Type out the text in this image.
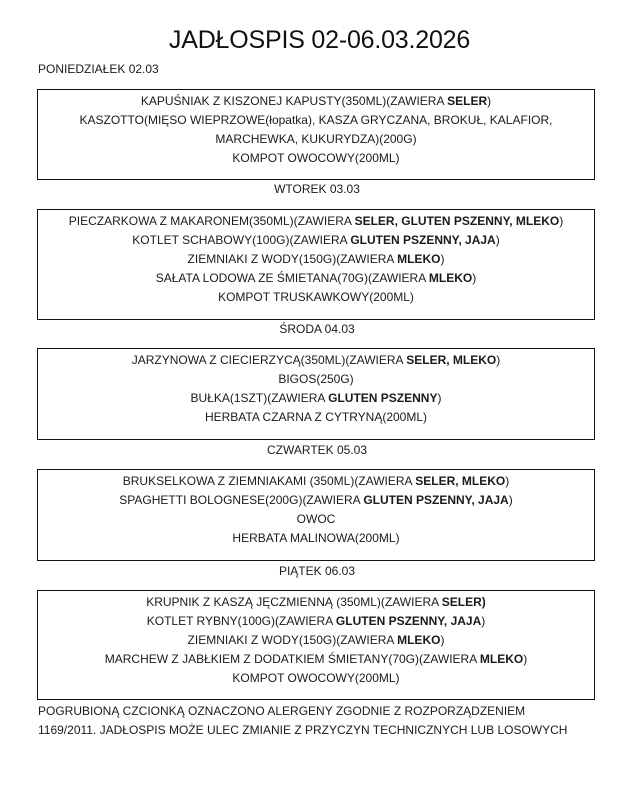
JADŁOSPIS 02-06.03.2026
PONIEDZIAŁEK 02.03
KAPUŚNIAK Z KISZONEJ KAPUSTY(350ML)(ZAWIERA SELER)
KASZOTTO(MIĘSO WIEPRZOWE(łopatka), KASZA GRYCZANA, BROKUŁ, KALAFIOR,
MARCHEWKA, KUKURYDZA)(200G)
KOMPOT OWOCOWY(200ML)
WTOREK 03.03
PIECZARKOWA Z MAKARONEM(350ML)(ZAWIERA SELER, GLUTEN PSZENNY, MLEKO)
KOTLET SCHABOWY(100G)(ZAWIERA GLUTEN PSZENNY, JAJA)
ZIEMNIAKI Z WODY(150G)(ZAWIERA MLEKO)
SAŁATA LODOWA ZE ŚMIETANA(70G)(ZAWIERA MLEKO)
KOMPOT TRUSKAWKOWY(200ML)
ŚRODA 04.03
JARZYNOWA Z CIECIERZYCĄ(350ML)(ZAWIERA SELER, MLEKO)
BIGOS(250G)
BUŁKA(1SZT)(ZAWIERA GLUTEN PSZENNY)
HERBATA CZARNA Z CYTRYNĄ(200ML)
CZWARTEK 05.03
BRUKSELKOWA Z ZIEMNIAKAMI (350ML)(ZAWIERA SELER, MLEKO)
SPAGHETTI BOLOGNESE(200G)(ZAWIERA GLUTEN PSZENNY, JAJA)
OWOC
HERBATA MALINOWA(200ML)
PIĄTEK 06.03
KRUPNIK Z KASZĄ JĘCZMIENNĄ (350ML)(ZAWIERA SELER)
KOTLET RYBNY(100G)(ZAWIERA GLUTEN PSZENNY, JAJA)
ZIEMNIAKI Z WODY(150G)(ZAWIERA MLEKO)
MARCHEW Z JABŁKIEM Z DODATKIEM ŚMIETANY(70G)(ZAWIERA MLEKO)
KOMPOT OWOCOWY(200ML)
POGRUBIONĄ CZCIONKĄ OZNACZONO ALERGENY ZGODNIE Z ROZPORZĄDZENIEM
1169/2011. JADŁOSPIS MOŻE ULEC ZMIANIE Z PRZYCZYN TECHNICZNYCH LUB LOSOWYCH
